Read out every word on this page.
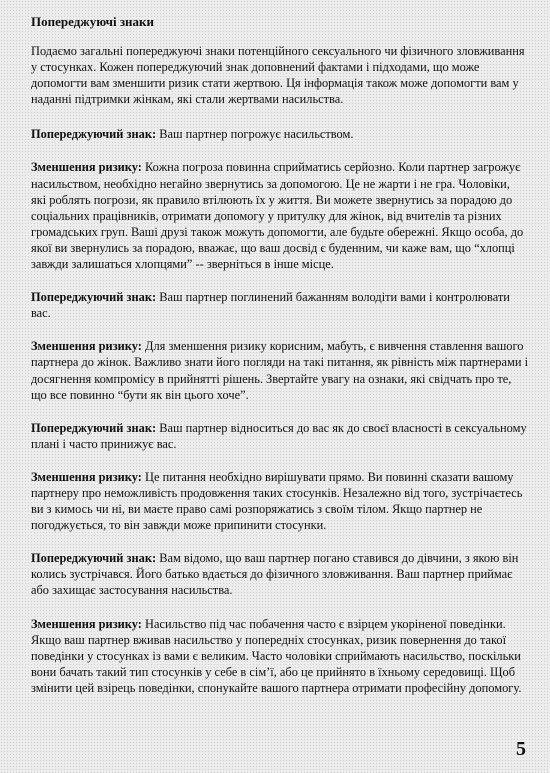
Попереджуючі знаки

Подаємо загальні попереджуючі знаки потенційного сексуального чи фізичного зловживання у стосунках. Кожен попереджуючий знак доповнений фактами і підходами, що може допомогти вам зменшити ризик стати жертвою. Ця інформація також може допомогти вам у наданні підтримки жінкам, які стали жертвами насильства.

Попереджуючий знак: Ваш партнер погрожує насильством.

Зменшення ризику: Кожна погроза повинна сприйматись серйозно. Коли партнер загрожує насильством, необхідно негайно звернутись за допомогою. Це не жарти і не гра. Чоловіки, які роблять погрози, як правило втілюють їх у життя. Ви можете звернутись за порадою до соціальних працівників, отримати допомогу у притулку для жінок, від вчителів та різних громадських груп. Ваші друзі також можуть допомогти, але будьте обережні. Якщо особа, до якої ви звернулись за порадою, вважає, що ваш досвід є буденним, чи каже вам, що “хлопці завжди залишаться хлопцями” -- зверніться в інше місце.

Попереджуючий знак: Ваш партнер поглинений бажанням володіти вами і контролювати вас.

Зменшення ризику: Для зменшення ризику корисним, мабуть, є вивчення ставлення вашого партнера до жінок. Важливо знати його погляди на такі питання, як рівність між партнерами і досягнення компромісу в прийнятті рішень. Звертайте увагу на ознаки, які свідчать про те, що все повинно “бути як він цього хоче”.

Попереджуючий знак: Ваш партнер відноситься до вас як до своєї власності в сексуальному плані і часто принижує вас.

Зменшення ризику: Це питання необхідно вирішувати прямо. Ви повинні сказати вашому партнеру про неможливість продовження таких стосунків. Незалежно від того, зустрічаєтесь ви з кимось чи ні, ви маєте право самі розпоряжатись з своїм тілом. Якщо партнер не погоджується, то він завжди може припинити стосунки.

Попереджуючий знак: Вам відомо, що ваш партнер погано ставився до дівчини, з якою він колись зустрічався. Його батько вдається до фізичного зловживання. Ваш партнер приймає або захищає застосування насильства.

Зменшення ризику: Насильство під час побачення часто є взірцем укоріненої поведінки. Якщо ваш партнер вживав насильство у попередніх стосунках, ризик повернення до такої поведінки у стосунках із вами є великим. Часто чоловіки сприймають насильство, поскільки вони бачать такий тип стосунків у себе в сім’ї, або це прийнято в їхньому середовищі. Щоб змінити цей взірець поведінки, спонукайте вашого партнера отримати професійну допомогу.

5
